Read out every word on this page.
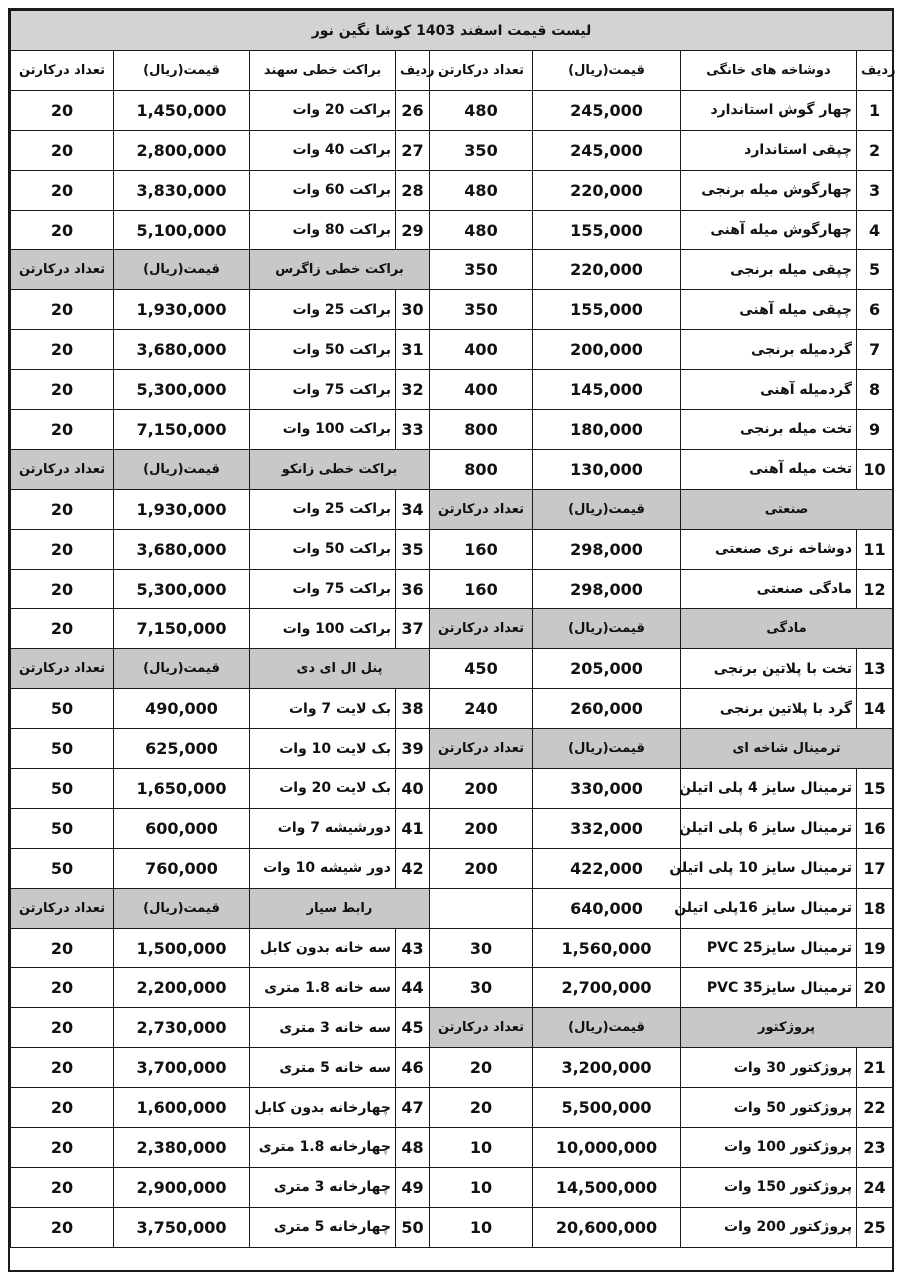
لیست قیمت اسفند 1403 کوشا نگین نور							
تعداد درکارتن	قیمت(ریال)	براکت خطی سهند	ردیف	تعداد درکارتن	قیمت(ریال)	دوشاخه های خانگی	ردیف
20	1,450,000	براکت 20 وات	26	480	245,000	چهار گوش استاندارد	1
20	2,800,000	براکت 40 وات	27	350	245,000	چپقی استاندارد	2
20	3,830,000	براکت 60 وات	28	480	220,000	چهارگوش میله برنجی	3
20	5,100,000	براکت 80 وات	29	480	155,000	چهارگوش میله آهنی	4
تعداد درکارتن	قیمت(ریال)	براکت خطی زاگرس		350	220,000	چپقی میله برنجی	5
20	1,930,000	براکت 25 وات	30	350	155,000	چپقی میله آهنی	6
20	3,680,000	براکت 50 وات	31	400	200,000	گردمیله برنجی	7
20	5,300,000	براکت 75 وات	32	400	145,000	گردمیله آهنی	8
20	7,150,000	براکت 100 وات	33	800	180,000	تخت میله برنجی	9
تعداد درکارتن	قیمت(ریال)	براکت خطی زانکو		800	130,000	تخت میله آهنی	10
20	1,930,000	براکت 25 وات	34	تعداد درکارتن	قیمت(ریال)	صنعتی	
20	3,680,000	براکت 50 وات	35	160	298,000	دوشاخه نری صنعتی	11
20	5,300,000	براکت 75 وات	36	160	298,000	مادگی صنعتی	12
20	7,150,000	براکت 100 وات	37	تعداد درکارتن	قیمت(ریال)	مادگی	
تعداد درکارتن	قیمت(ریال)	پنل ال ای دی		450	205,000	تخت با پلاتین برنجی	13
50	490,000	بک لایت 7 وات	38	240	260,000	گرد با پلاتین برنجی	14
50	625,000	بک لایت 10 وات	39	تعداد درکارتن	قیمت(ریال)	ترمینال شاخه ای	
50	1,650,000	بک لایت 20 وات	40	200	330,000	ترمینال سایز 4 پلی اتیلن	15
50	600,000	دورشیشه 7 وات	41	200	332,000	ترمینال سایز 6 پلی اتیلن	16
50	760,000	دور شیشه 10 وات	42	200	422,000	ترمینال سایز 10 پلی اتیلن	17
تعداد درکارتن	قیمت(ریال)	رابط سیار			640,000	ترمینال سایز 16پلی اتیلن	18
20	1,500,000	سه خانه بدون کابل	43	30	1,560,000	ترمینال سایز25 PVC	19
20	2,200,000	سه خانه 1.8 متری	44	30	2,700,000	ترمینال سایز35 PVC	20
20	2,730,000	سه خانه 3 متری	45	تعداد درکارتن	قیمت(ریال)	پروژکتور	
20	3,700,000	سه خانه 5 متری	46	20	3,200,000	پروژکتور 30 وات	21
20	1,600,000	چهارخانه بدون کابل	47	20	5,500,000	پروژکتور 50 وات	22
20	2,380,000	چهارخانه 1.8 متری	48	10	10,000,000	پروژکتور 100 وات	23
20	2,900,000	چهارخانه 3 متری	49	10	14,500,000	پروژکتور 150 وات	24
20	3,750,000	چهارخانه 5 متری	50	10	20,600,000	پروژکتور 200 وات	25
